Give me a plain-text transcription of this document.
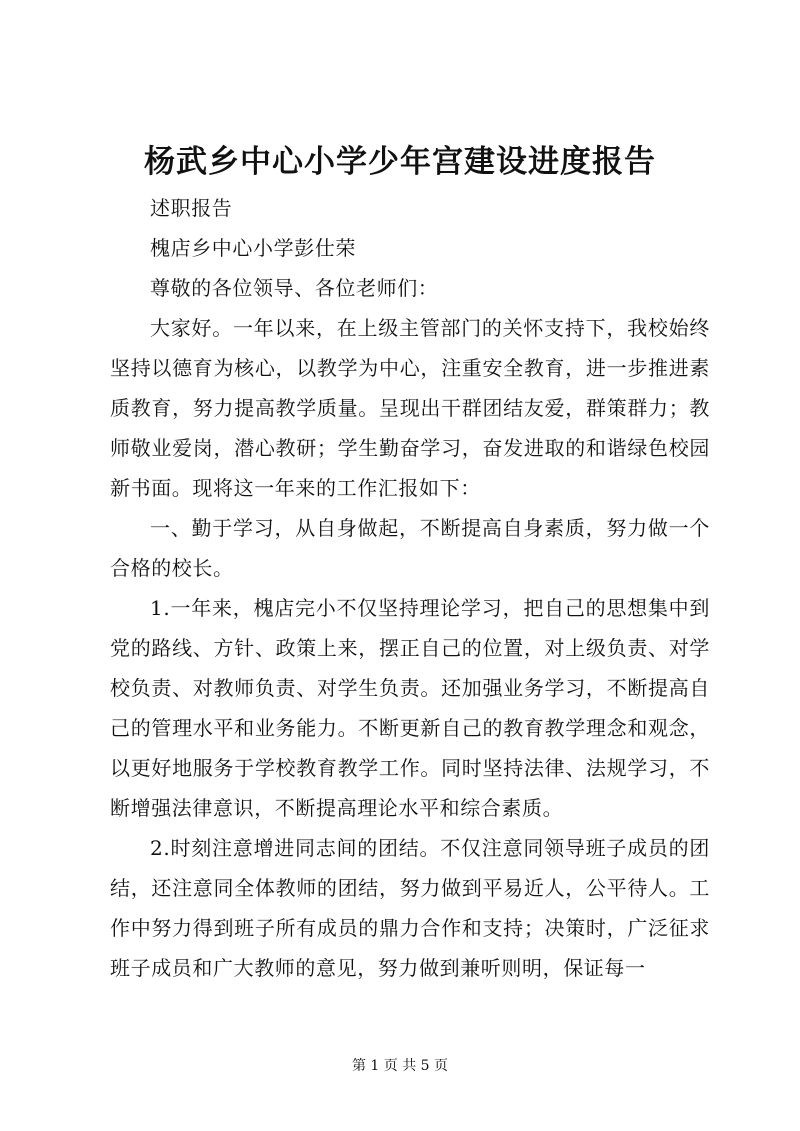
杨武乡中心小学少年宫建设进度报告

述职报告

槐店乡中心小学彭仕荣

尊敬的各位领导、各位老师们：

大家好。一年以来，在上级主管部门的关怀支持下，我校始终坚持以德育为核心，以教学为中心，注重安全教育，进一步推进素质教育，努力提高教学质量。呈现出干群团结友爱，群策群力；教师敬业爱岗，潜心教研；学生勤奋学习，奋发进取的和谐绿色校园新书面。现将这一年来的工作汇报如下：

一、勤于学习，从自身做起，不断提高自身素质，努力做一个合格的校长。

1.一年来，槐店完小不仅坚持理论学习，把自己的思想集中到党的路线、方针、政策上来，摆正自己的位置，对上级负责、对学校负责、对教师负责、对学生负责。还加强业务学习，不断提高自己的管理水平和业务能力。不断更新自己的教育教学理念和观念，以更好地服务于学校教育教学工作。同时坚持法律、法规学习，不断增强法律意识，不断提高理论水平和综合素质。

2.时刻注意增进同志间的团结。不仅注意同领导班子成员的团结，还注意同全体教师的团结，努力做到平易近人，公平待人。工作中努力得到班子所有成员的鼎力合作和支持；决策时，广泛征求班子成员和广大教师的意见，努力做到兼听则明，保证每一

第 1 页 共 5 页
